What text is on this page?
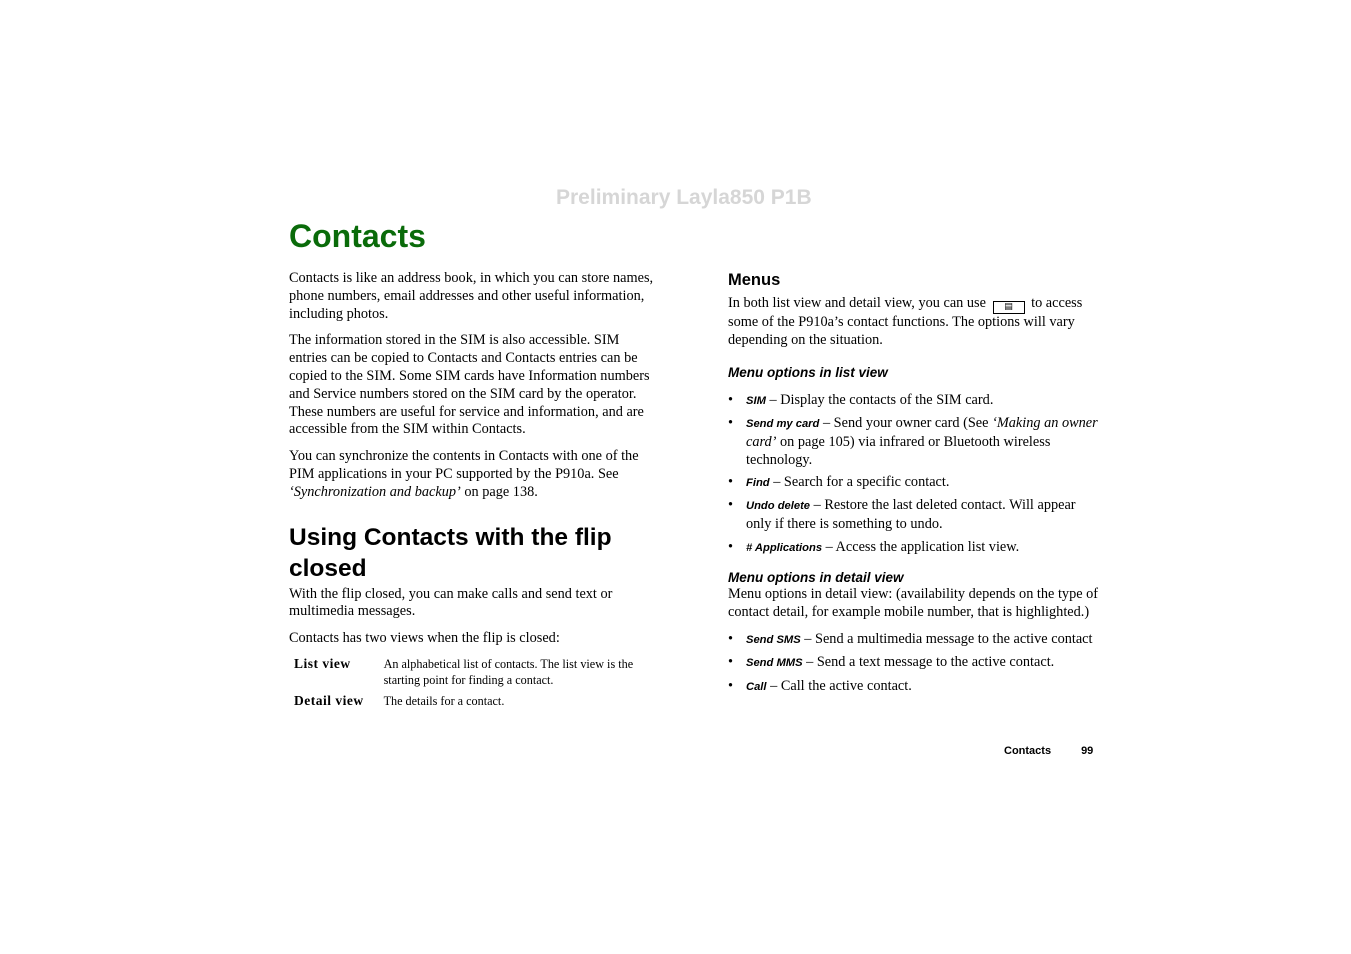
Preliminary Layla850 P1B
Contacts

Contacts is like an address book, in which you can store names, phone numbers, email addresses and other useful information, including photos.

The information stored in the SIM is also accessible. SIM entries can be copied to Contacts and Contacts entries can be copied to the SIM. Some SIM cards have Information numbers and Service numbers stored on the SIM card by the operator. These numbers are useful for service and information, and are accessible from the SIM within Contacts.

You can synchronize the contents in Contacts with one of the PIM applications in your PC supported by the P910a. See ‘Synchronization and backup’ on page 138.

Using Contacts with the flip closed

With the flip closed, you can make calls and send text or multimedia messages.

Contacts has two views when the flip is closed:

List view	An alphabetical list of contacts. The list view is the starting point for finding a contact.
Detail view	The details for a contact.
Menus

In both list view and detail view, you can use	▤	to access some of the P910a’s contact functions. The options will vary depending on the situation.

Menu options in list view
• SIM – Display the contacts of the SIM card.
• Send my card – Send your owner card (See ‘Making an owner card’ on page 105) via infrared or Bluetooth wireless technology.
• Find – Search for a specific contact.
• Undo delete – Restore the last deleted contact. Will appear only if there is something to undo.
• # Applications – Access the application list view.
Menu options in detail view

Menu options in detail view: (availability depends on the type of contact detail, for example mobile number, that is highlighted.)

• Send SMS – Send a multimedia message to the active contact
• Send MMS – Send a text message to the active contact.
• Call – Call the active contact.
Contacts	99
